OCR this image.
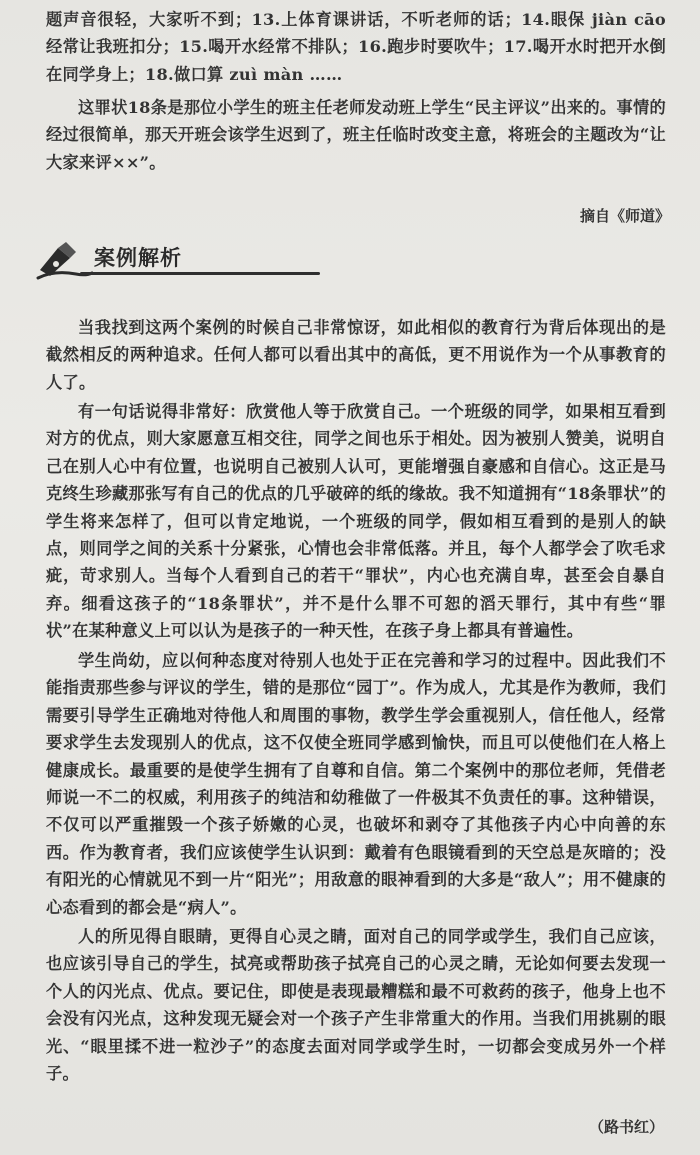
题声音很轻，大家听不到；13.上体育课讲话，不听老师的话；14.眼保 jiàn cāo 经常让我班扣分；15.喝开水经常不排队；16.跑步时要吹牛；17.喝开水时把开水倒在同学身上；18.做口算 zuì màn ……

这罪状18条是那位小学生的班主任老师发动班上学生“民主评议”出来的。事情的经过很简单，那天开班会该学生迟到了，班主任临时改变主意，将班会的主题改为“让大家来评××”。

摘自《师道》
案例解析

当我找到这两个案例的时候自己非常惊讶，如此相似的教育行为背后体现出的是截然相反的两种追求。任何人都可以看出其中的高低，更不用说作为一个从事教育的人了。

有一句话说得非常好：欣赏他人等于欣赏自己。一个班级的同学，如果相互看到对方的优点，则大家愿意互相交往，同学之间也乐于相处。因为被别人赞美，说明自己在别人心中有位置，也说明自己被别人认可，更能增强自豪感和自信心。这正是马克终生珍藏那张写有自己的优点的几乎破碎的纸的缘故。我不知道拥有“18条罪状”的学生将来怎样了，但可以肯定地说，一个班级的同学，假如相互看到的是别人的缺点，则同学之间的关系十分紧张，心情也会非常低落。并且，每个人都学会了吹毛求疵，苛求别人。当每个人看到自己的若干“罪状”，内心也充满自卑，甚至会自暴自弃。细看这孩子的“18条罪状”，并不是什么罪不可恕的滔天罪行，其中有些“罪状”在某种意义上可以认为是孩子的一种天性，在孩子身上都具有普遍性。

学生尚幼，应以何种态度对待别人也处于正在完善和学习的过程中。因此我们不能指责那些参与评议的学生，错的是那位“园丁”。作为成人，尤其是作为教师，我们需要引导学生正确地对待他人和周围的事物，教学生学会重视别人，信任他人，经常要求学生去发现别人的优点，这不仅使全班同学感到愉快，而且可以使他们在人格上健康成长。最重要的是使学生拥有了自尊和自信。第二个案例中的那位老师，凭借老师说一不二的权威，利用孩子的纯洁和幼稚做了一件极其不负责任的事。这种错误，不仅可以严重摧毁一个孩子娇嫩的心灵，也破坏和剥夺了其他孩子内心中向善的东西。作为教育者，我们应该使学生认识到：戴着有色眼镜看到的天空总是灰暗的；没有阳光的心情就见不到一片“阳光”；用敌意的眼神看到的大多是“敌人”；用不健康的心态看到的都会是“病人”。

人的所见得自眼睛，更得自心灵之睛，面对自己的同学或学生，我们自己应该，也应该引导自己的学生，拭亮或帮助孩子拭亮自己的心灵之睛，无论如何要去发现一个人的闪光点、优点。要记住，即使是表现最糟糕和最不可救药的孩子，他身上也不会没有闪光点，这种发现无疑会对一个孩子产生非常重大的作用。当我们用挑剔的眼光、“眼里揉不进一粒沙子”的态度去面对同学或学生时，一切都会变成另外一个样子。

（路书红）
